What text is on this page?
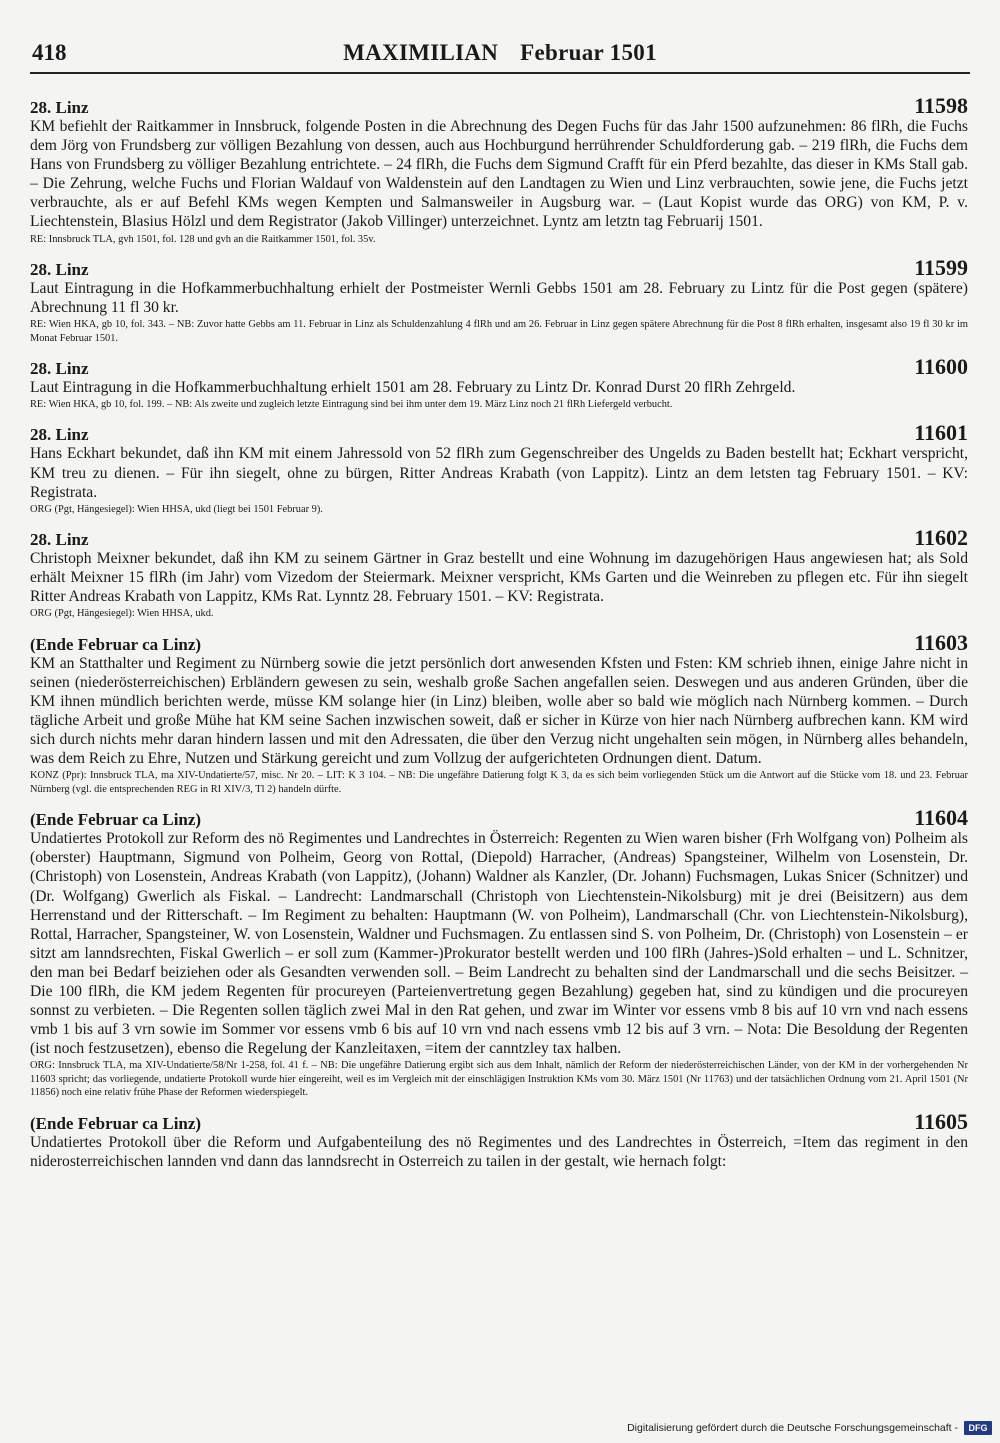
418	MAXIMILIAN Februar 1501
28. Linz	11598
KM befiehlt der Raitkammer in Innsbruck, folgende Posten in die Abrechnung des Degen Fuchs für das Jahr 1500 aufzunehmen: 86 flRh, die Fuchs dem Jörg von Frundsberg zur völligen Bezahlung von dessen, auch aus Hochburgund herrührender Schuldforderung gab. – 219 flRh, die Fuchs dem Hans von Frundsberg zu völliger Bezahlung entrichtete. – 24 flRh, die Fuchs dem Sigmund Crafft für ein Pferd bezahlte, das dieser in KMs Stall gab. – Die Zehrung, welche Fuchs und Florian Waldauf von Waldenstein auf den Landtagen zu Wien und Linz verbrauchten, sowie jene, die Fuchs jetzt verbrauchte, als er auf Befehl KMs wegen Kempten und Salmansweiler in Augsburg war. – (Laut Kopist wurde das ORG) von KM, P. v. Liechtenstein, Blasius Hölzl und dem Registrator (Jakob Villinger) unterzeichnet. Lyntz am letztn tag Februarij 1501.
RE: Innsbruck TLA, gvh 1501, fol. 128 und gvh an die Raitkammer 1501, fol. 35v.
28. Linz	11599
Laut Eintragung in die Hofkammerbuchhaltung erhielt der Postmeister Wernli Gebbs 1501 am 28. February zu Lintz für die Post gegen (spätere) Abrechnung 11 fl 30 kr.
RE: Wien HKA, gb 10, fol. 343. – NB: Zuvor hatte Gebbs am 11. Februar in Linz als Schuldenzahlung 4 flRh und am 26. Februar in Linz gegen spätere Abrechnung für die Post 8 flRh erhalten, insgesamt also 19 fl 30 kr im Monat Februar 1501.
28. Linz	11600
Laut Eintragung in die Hofkammerbuchhaltung erhielt 1501 am 28. February zu Lintz Dr. Konrad Durst 20 flRh Zehrgeld.
RE: Wien HKA, gb 10, fol. 199. – NB: Als zweite und zugleich letzte Eintragung sind bei ihm unter dem 19. März Linz noch 21 flRh Liefergeld verbucht.
28. Linz	11601
Hans Eckhart bekundet, daß ihn KM mit einem Jahressold von 52 flRh zum Gegenschreiber des Ungelds zu Baden bestellt hat; Eckhart verspricht, KM treu zu dienen. – Für ihn siegelt, ohne zu bürgen, Ritter Andreas Krabath (von Lappitz). Lintz an dem letsten tag February 1501. – KV: Registrata.
ORG (Pgt, Hängesiegel): Wien HHSA, ukd (liegt bei 1501 Februar 9).
28. Linz	11602
Christoph Meixner bekundet, daß ihn KM zu seinem Gärtner in Graz bestellt und eine Wohnung im dazugehörigen Haus angewiesen hat; als Sold erhält Meixner 15 flRh (im Jahr) vom Vizedom der Steiermark. Meixner verspricht, KMs Garten und die Weinreben zu pflegen etc. Für ihn siegelt Ritter Andreas Krabath von Lappitz, KMs Rat. Lynntz 28. February 1501. – KV: Registrata.
ORG (Pgt, Hängesiegel): Wien HHSA, ukd.
(Ende Februar ca Linz)	11603
KM an Statthalter und Regiment zu Nürnberg sowie die jetzt persönlich dort anwesenden Kfsten und Fsten: KM schrieb ihnen, einige Jahre nicht in seinen (niederösterreichischen) Erbländern gewesen zu sein, weshalb große Sachen angefallen seien. Deswegen und aus anderen Gründen, über die KM ihnen mündlich berichten werde, müsse KM solange hier (in Linz) bleiben, wolle aber so bald wie möglich nach Nürnberg kommen. – Durch tägliche Arbeit und große Mühe hat KM seine Sachen inzwischen soweit, daß er sicher in Kürze von hier nach Nürnberg aufbrechen kann. KM wird sich durch nichts mehr daran hindern lassen und mit den Adressaten, die über den Verzug nicht ungehalten sein mögen, in Nürnberg alles behandeln, was dem Reich zu Ehre, Nutzen und Stärkung gereicht und zum Vollzug der aufgerichteten Ordnungen dient. Datum.
KONZ (Ppr): Innsbruck TLA, ma XIV-Undatierte/57, misc. Nr 20. – LIT: K 3 104. – NB: Die ungefähre Datierung folgt K 3, da es sich beim vorliegenden Stück um die Antwort auf die Stücke vom 18. und 23. Februar Nürnberg (vgl. die entsprechenden REG in RI XIV/3, Tl 2) handeln dürfte.
(Ende Februar ca Linz)	11604
Undatiertes Protokoll zur Reform des nö Regimentes und Landrechtes in Österreich: Regenten zu Wien waren bisher (Frh Wolfgang von) Polheim als (oberster) Hauptmann, Sigmund von Polheim, Georg von Rottal, (Diepold) Harracher, (Andreas) Spangsteiner, Wilhelm von Losenstein, Dr. (Christoph) von Losenstein, Andreas Krabath (von Lappitz), (Johann) Waldner als Kanzler, (Dr. Johann) Fuchsmagen, Lukas Snicer (Schnitzer) und (Dr. Wolfgang) Gwerlich als Fiskal. – Landrecht: Landmarschall (Christoph von Liechtenstein-Nikolsburg) mit je drei (Beisitzern) aus dem Herrenstand und der Ritterschaft. – Im Regiment zu behalten: Hauptmann (W. von Polheim), Landmarschall (Chr. von Liechtenstein-Nikolsburg), Rottal, Harracher, Spangsteiner, W. von Losenstein, Waldner und Fuchsmagen. Zu entlassen sind S. von Polheim, Dr. (Christoph) von Losenstein – er sitzt am lanndsrechten, Fiskal Gwerlich – er soll zum (Kammer-)Prokurator bestellt werden und 100 flRh (Jahres-)Sold erhalten – und L. Schnitzer, den man bei Bedarf beiziehen oder als Gesandten verwenden soll. – Beim Landrecht zu behalten sind der Landmarschall und die sechs Beisitzer. – Die 100 flRh, die KM jedem Regenten für procureyen (Parteienvertretung gegen Bezahlung) gegeben hat, sind zu kündigen und die procureyen sonnst zu verbieten. – Die Regenten sollen täglich zwei Mal in den Rat gehen, und zwar im Winter vor essens vmb 8 bis auf 10 vrn vnd nach essens vmb 1 bis auf 3 vrn sowie im Sommer vor essens vmb 6 bis auf 10 vrn vnd nach essens vmb 12 bis auf 3 vrn. – Nota: Die Besoldung der Regenten (ist noch festzusetzen), ebenso die Regelung der Kanzleitaxen, =item der canntzley tax halben.
ORG: Innsbruck TLA, ma XIV-Undatierte/58/Nr 1-258, fol. 41 f. – NB: Die ungefähre Datierung ergibt sich aus dem Inhalt, nämlich der Reform der niederösterreichischen Länder, von der KM in der vorhergehenden Nr 11603 spricht; das vorliegende, undatierte Protokoll wurde hier eingereiht, weil es im Vergleich mit der einschlägigen Instruktion KMs vom 30. März 1501 (Nr 11763) und der tatsächlichen Ordnung vom 21. April 1501 (Nr 11856) noch eine relativ frühe Phase der Reformen wiederspiegelt.
(Ende Februar ca Linz)	11605
Undatiertes Protokoll über die Reform und Aufgabenteilung des nö Regimentes und des Landrechtes in Österreich, =Item das regiment in den niderosterreichischen lannden vnd dann das lanndsrecht in Osterreich zu tailen in der gestalt, wie hernach folgt:
Digitalisierung gefördert durch die Deutsche Forschungsgemeinschaft -	DFG
